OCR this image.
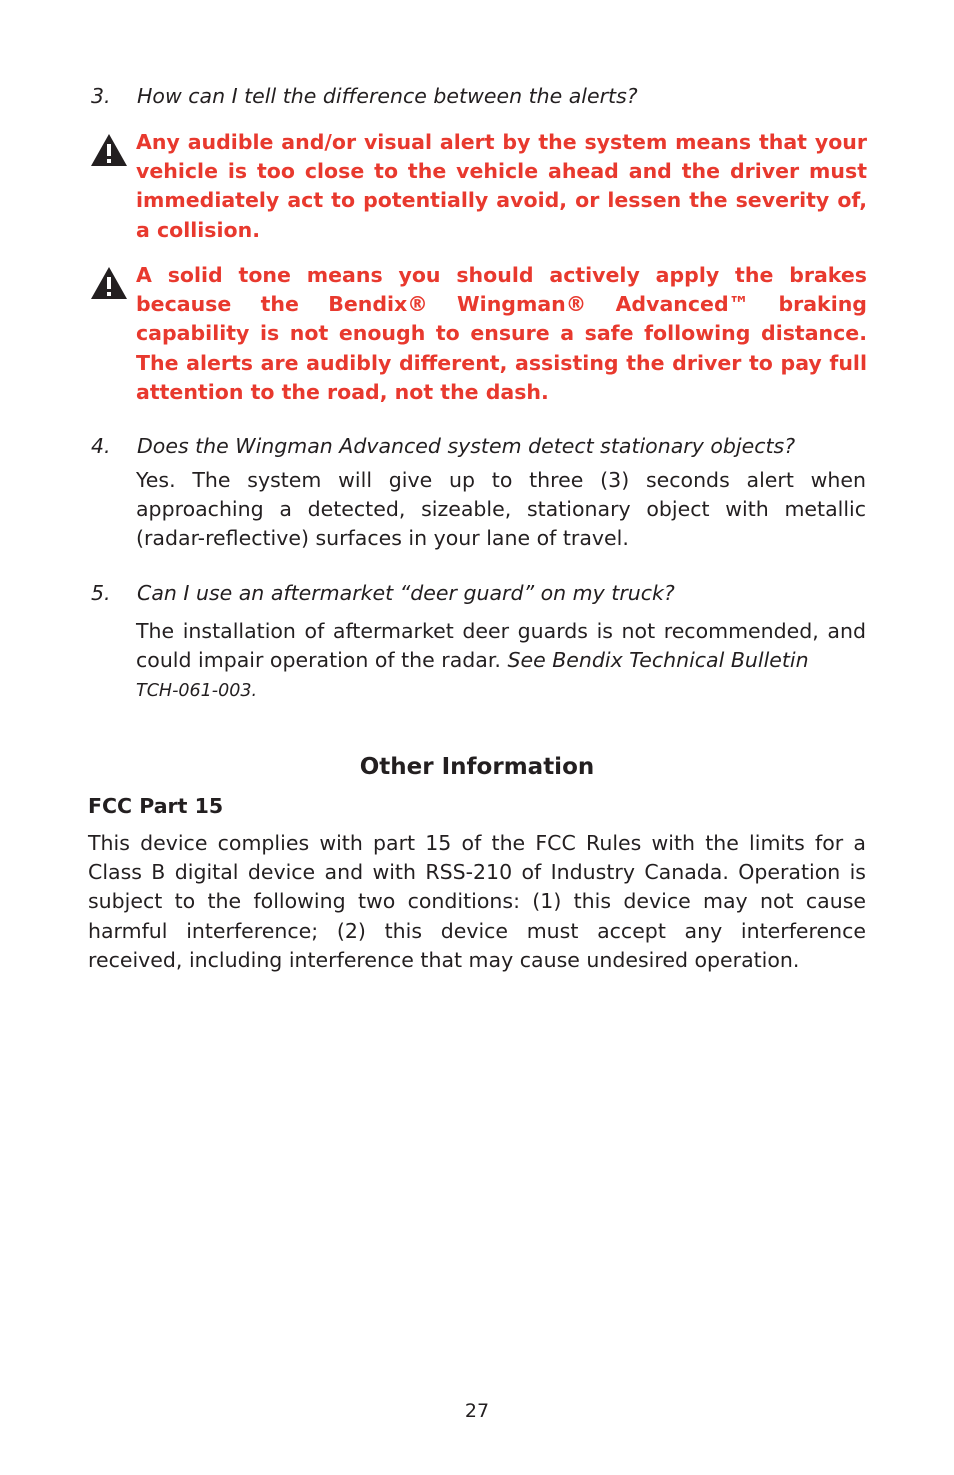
3. How can I tell the difference between the alerts?
Any audible and/or visual alert by the system means that your vehicle is too close to the vehicle ahead and the driver must immediately act to potentially avoid, or lessen the severity of, a collision.
A solid tone means you should actively apply the brakes because the Bendix® Wingman® Advanced™ braking capability is not enough to ensure a safe following distance. The alerts are audibly different, assisting the driver to pay full attention to the road, not the dash.
4. Does the Wingman Advanced system detect stationary objects?
Yes. The system will give up to three (3) seconds alert when approaching a detected, sizeable, stationary object with metallic (radar-reflective) surfaces in your lane of travel.
5. Can I use an aftermarket “deer guard” on my truck?
The installation of aftermarket deer guards is not recommended, and could impair operation of the radar. See Bendix Technical Bulletin
TCH-061-003.
Other Information
FCC Part 15
This device complies with part 15 of the FCC Rules with the limits for a Class B digital device and with RSS-210 of Industry Canada. Operation is subject to the following two conditions: (1) this device may not cause harmful interference; (2) this device must accept any interference received, including interference that may cause undesired operation.
27
